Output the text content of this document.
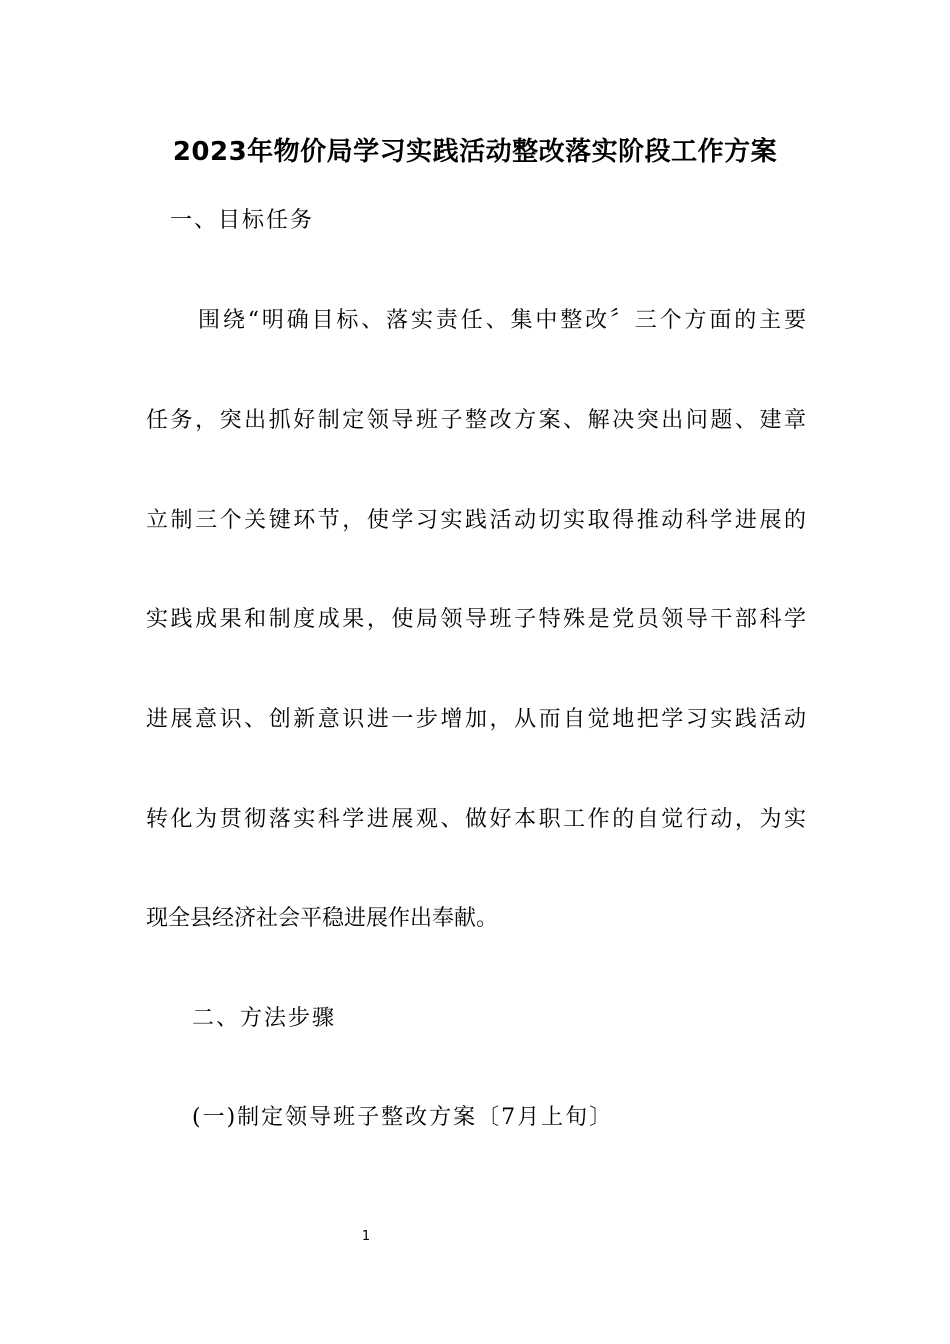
2023年物价局学习实践活动整改落实阶段工作方案
一、目标任务
围绕“明确目标、落实责任、集中整改〞三个方面的主要
任务，突出抓好制定领导班子整改方案、解决突出问题、建章
立制三个关键环节，使学习实践活动切实取得推动科学进展的
实践成果和制度成果，使局领导班子特殊是党员领导干部科学
进展意识、创新意识进一步增加，从而自觉地把学习实践活动
转化为贯彻落实科学进展观、做好本职工作的自觉行动，为实
现全县经济社会平稳进展作出奉献。
二、方法步骤
(一)制定领导班子整改方案〔7月上旬〕
1
